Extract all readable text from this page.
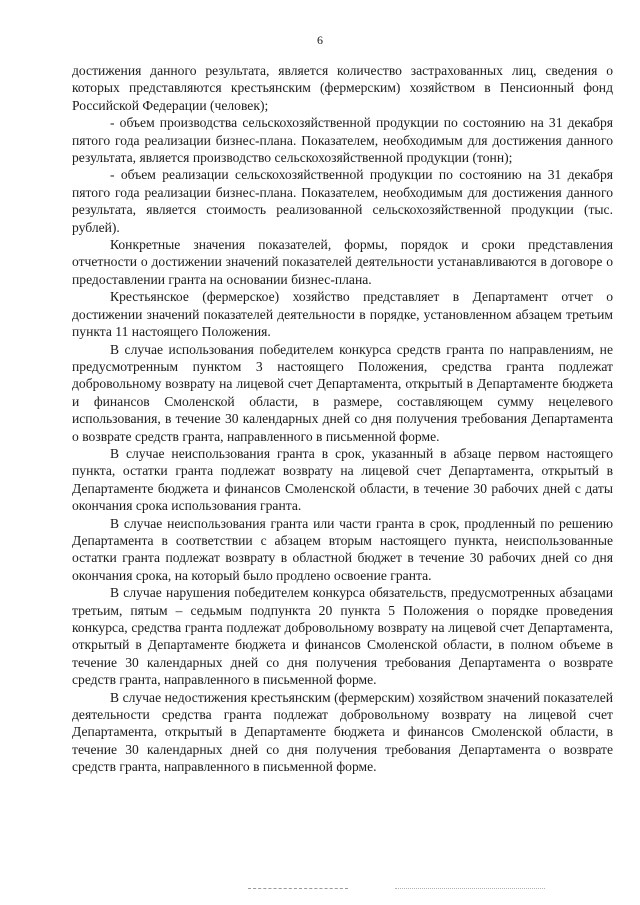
6

достижения данного результата, является количество застрахованных лиц, сведения о которых представляются крестьянским (фермерским) хозяйством в Пенсионный фонд Российской Федерации (человек);

- объем производства сельскохозяйственной продукции по состоянию на 31 декабря пятого года реализации бизнес-плана. Показателем, необходимым для достижения данного результата, является производство сельскохозяйственной продукции (тонн);

- объем реализации сельскохозяйственной продукции по состоянию на 31 декабря пятого года реализации бизнес-плана. Показателем, необходимым для достижения данного результата, является стоимость реализованной сельскохозяйственной продукции (тыс. рублей).

Конкретные значения показателей, формы, порядок и сроки представления отчетности о достижении значений показателей деятельности устанавливаются в договоре о предоставлении гранта на основании бизнес-плана.

Крестьянское (фермерское) хозяйство представляет в Департамент отчет о достижении значений показателей деятельности в порядке, установленном абзацем третьим пункта 11 настоящего Положения.

В случае использования победителем конкурса средств гранта по направлениям, не предусмотренным пунктом 3 настоящего Положения, средства гранта подлежат добровольному возврату на лицевой счет Департамента, открытый в Департаменте бюджета и финансов Смоленской области, в размере, составляющем сумму нецелевого использования, в течение 30 календарных дней со дня получения требования Департамента о возврате средств гранта, направленного в письменной форме.

В случае неиспользования гранта в срок, указанный в абзаце первом настоящего пункта, остатки гранта подлежат возврату на лицевой счет Департамента, открытый в Департаменте бюджета и финансов Смоленской области, в течение 30 рабочих дней с даты окончания срока использования гранта.

В случае неиспользования гранта или части гранта в срок, продленный по решению Департамента в соответствии с абзацем вторым настоящего пункта, неиспользованные остатки гранта подлежат возврату в областной бюджет в течение 30 рабочих дней со дня окончания срока, на который было продлено освоение гранта.

В случае нарушения победителем конкурса обязательств, предусмотренных абзацами третьим, пятым – седьмым подпункта 20 пункта 5 Положения о порядке проведения конкурса, средства гранта подлежат добровольному возврату на лицевой счет Департамента, открытый в Департаменте бюджета и финансов Смоленской области, в полном объеме в течение 30 календарных дней со дня получения требования Департамента о возврате средств гранта, направленного в письменной форме.

В случае недостижения крестьянским (фермерским) хозяйством значений показателей деятельности средства гранта подлежат добровольному возврату на лицевой счет Департамента, открытый в Департаменте бюджета и финансов Смоленской области, в течение 30 календарных дней со дня получения требования Департамента о возврате средств гранта, направленного в письменной форме.
